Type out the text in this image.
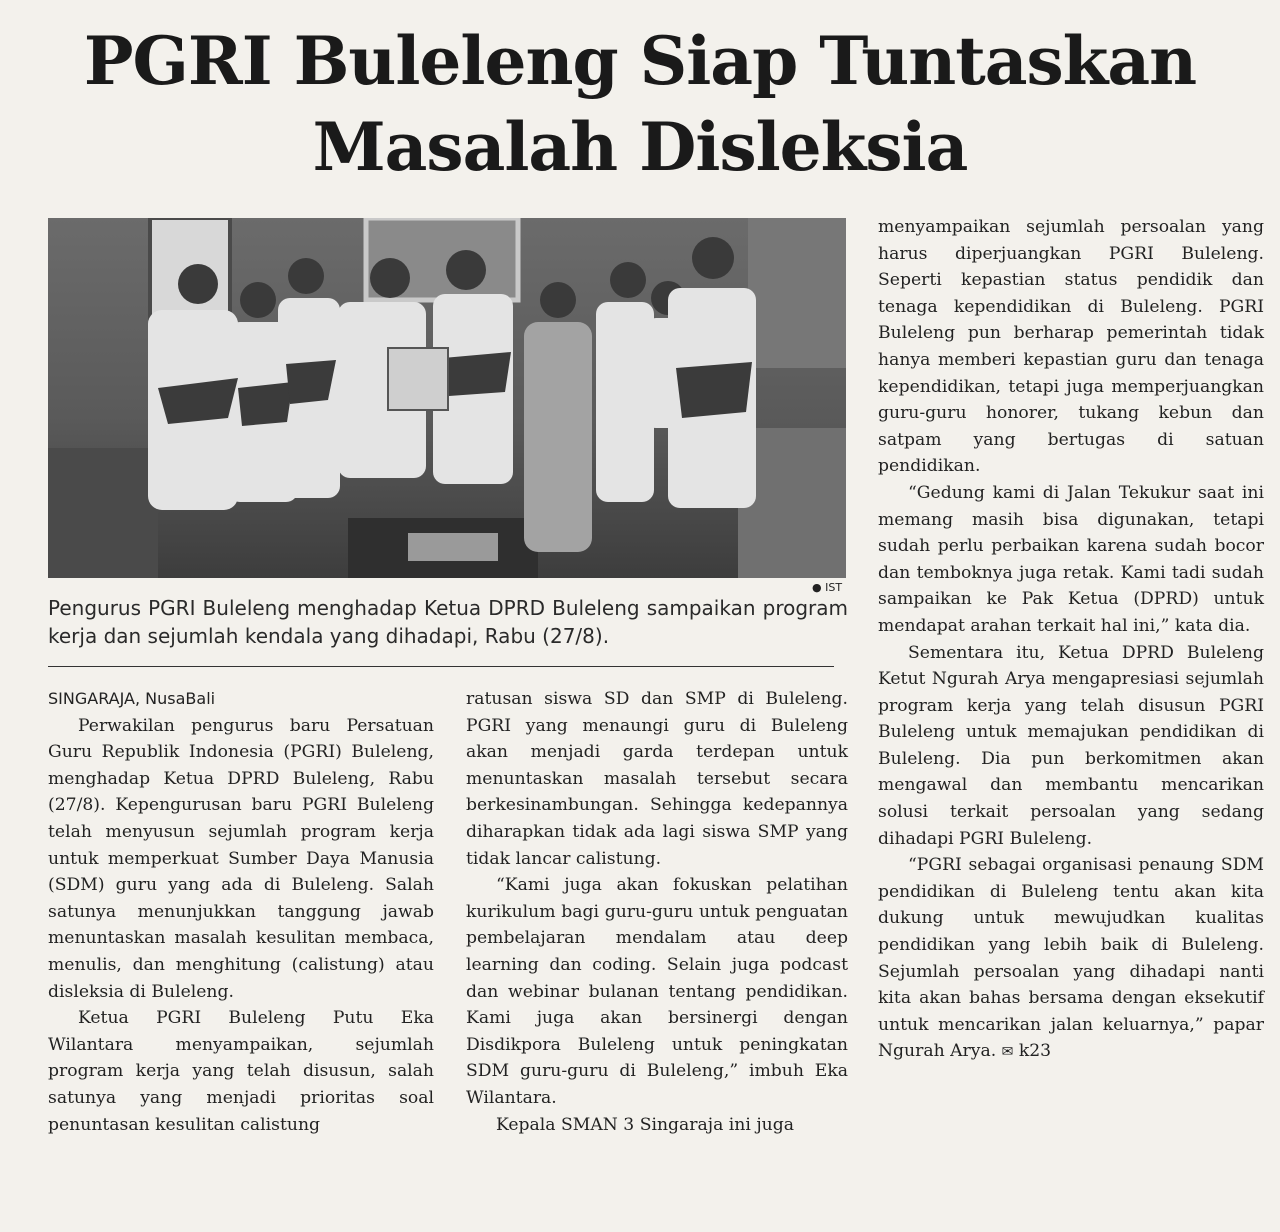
PGRI Buleleng Siap Tuntaskan
Masalah Disleksia
● IST
Pengurus PGRI Buleleng menghadap Ketua DPRD Buleleng sampaikan program kerja dan sejumlah kendala yang dihadapi, Rabu (27/8).

SINGARAJA, NusaBali

Perwakilan pengurus baru Persatuan Guru Republik Indonesia (PGRI) Buleleng, menghadap Ketua DPRD Buleleng, Rabu (27/8). Kepengurusan baru PGRI Buleleng telah menyusun sejumlah program kerja untuk memperkuat Sumber Daya Manusia (SDM) guru yang ada di Buleleng. Salah satunya menunjukkan tanggung jawab menuntaskan masalah kesulitan membaca, menulis, dan menghitung (calistung) atau disleksia di Buleleng.

Ketua PGRI Buleleng Putu Eka Wilantara menyampaikan, sejumlah program kerja yang telah disusun, salah satunya yang menjadi prioritas soal penuntasan kesulitan calistung

ratusan siswa SD dan SMP di Buleleng. PGRI yang menaungi guru di Buleleng akan menjadi garda terdepan untuk menuntaskan masalah tersebut secara berkesinambungan. Sehingga kedepannya diharapkan tidak ada lagi siswa SMP yang tidak lancar calistung.

“Kami juga akan fokuskan pelatihan kurikulum bagi guru-guru untuk penguatan pembelajaran mendalam atau deep learning dan coding. Selain juga podcast dan webinar bulanan tentang pendidikan. Kami juga akan bersinergi dengan Disdikpora Buleleng untuk peningkatan SDM guru-guru di Buleleng,” imbuh Eka Wilantara.

Kepala SMAN 3 Singaraja ini juga

menyampaikan sejumlah persoalan yang harus diperjuangkan PGRI Buleleng. Seperti kepastian status pendidik dan tenaga kependidikan di Buleleng. PGRI Buleleng pun berharap pemerintah tidak hanya memberi kepastian guru dan tenaga kependidikan, tetapi juga memperjuangkan guru-guru honorer, tukang kebun dan satpam yang bertugas di satuan pendidikan.

“Gedung kami di Jalan Tekukur saat ini memang masih bisa digunakan, tetapi sudah perlu perbaikan karena sudah bocor dan temboknya juga retak. Kami tadi sudah sampaikan ke Pak Ketua (DPRD) untuk mendapat arahan terkait hal ini,” kata dia.

Sementara itu, Ketua DPRD Buleleng Ketut Ngurah Arya mengapresiasi sejumlah program kerja yang telah disusun PGRI Buleleng untuk memajukan pendidikan di Buleleng. Dia pun berkomitmen akan mengawal dan membantu mencarikan solusi terkait persoalan yang sedang dihadapi PGRI Buleleng.

“PGRI sebagai organisasi penaung SDM pendidikan di Buleleng tentu akan kita dukung untuk mewujudkan kualitas pendidikan yang lebih baik di Buleleng. Sejumlah persoalan yang dihadapi nanti kita akan bahas bersama dengan eksekutif untuk mencarikan jalan keluarnya,” papar Ngurah Arya. ✉ k23
